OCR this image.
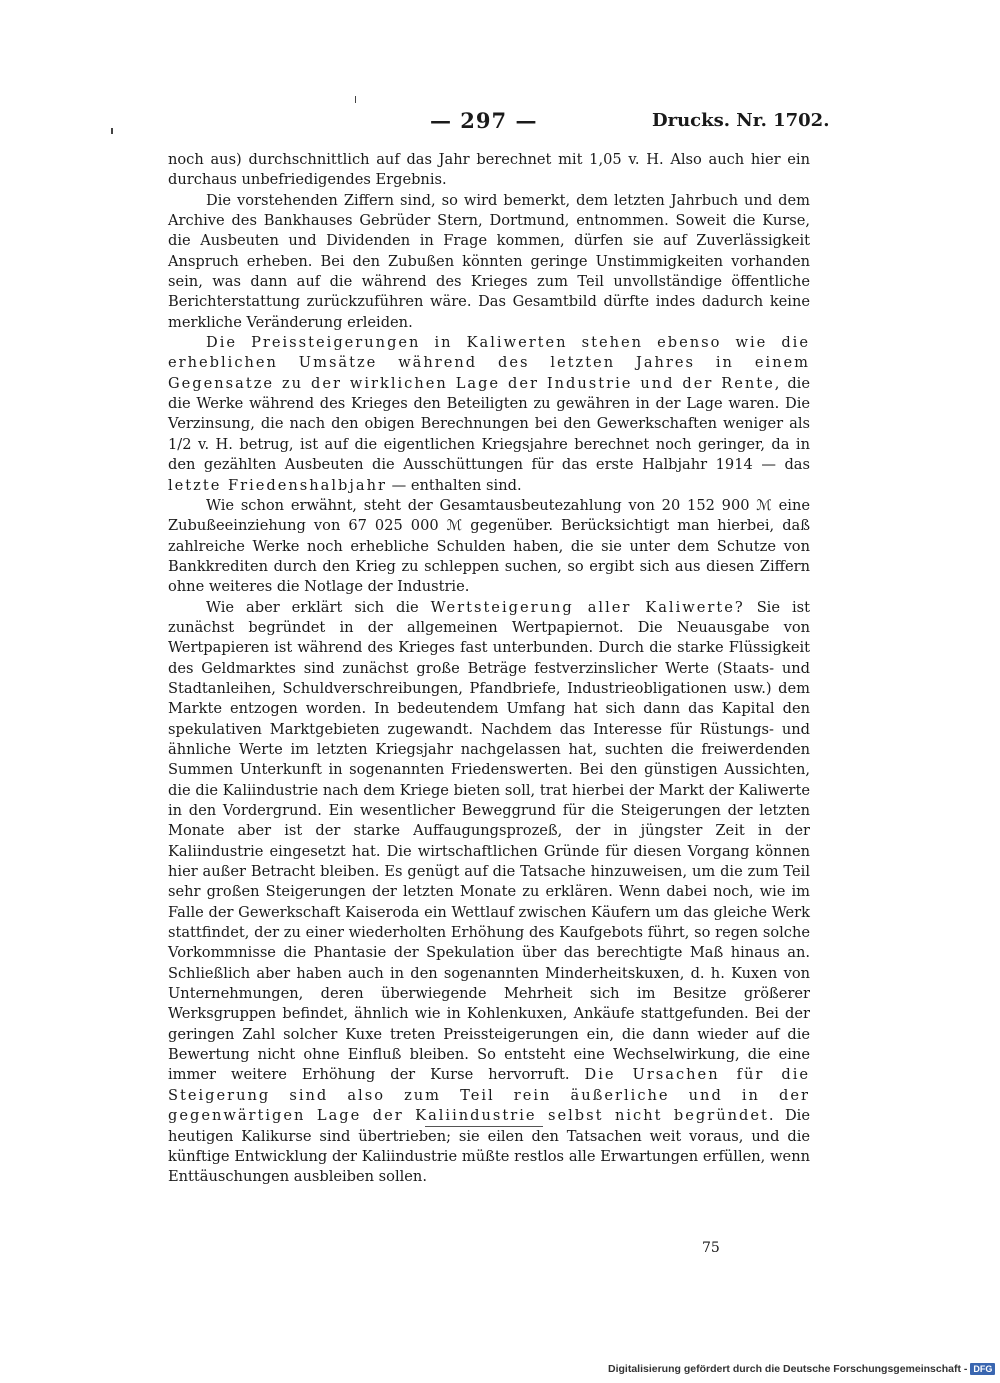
— 297 —	Drucks. Nr. 1702.

noch aus) durchschnittlich auf das Jahr berechnet mit 1,05 v. H. Also auch hier ein durchaus unbefriedigendes Ergebnis.

Die vorstehenden Ziffern sind, so wird bemerkt, dem letzten Jahrbuch und dem Archive des Bankhauses Gebrüder Stern, Dortmund, entnommen. Soweit die Kurse, die Ausbeuten und Dividenden in Frage kommen, dürfen sie auf Zuverlässigkeit Anspruch erheben. Bei den Zubußen könnten geringe Unstimmigkeiten vorhanden sein, was dann auf die während des Krieges zum Teil unvollständige öffentliche Berichterstattung zurückzuführen wäre. Das Gesamtbild dürfte indes dadurch keine merkliche Veränderung erleiden.

Die Preissteigerungen in Kaliwerten stehen ebenso wie die erheblichen Umsätze während des letzten Jahres in einem Gegensatze zu der wirklichen Lage der Industrie und der Rente, die die Werke während des Krieges den Beteiligten zu gewähren in der Lage waren. Die Verzinsung, die nach den obigen Berechnungen bei den Gewerkschaften weniger als 1/2 v. H. betrug, ist auf die eigentlichen Kriegsjahre berechnet noch geringer, da in den gezählten Ausbeuten die Ausschüttungen für das erste Halbjahr 1914 — das letzte Friedenshalbjahr — enthalten sind.

Wie schon erwähnt, steht der Gesamtausbeutezahlung von 20 152 900 ℳ eine Zubußeeinziehung von 67 025 000 ℳ gegenüber. Berücksichtigt man hierbei, daß zahlreiche Werke noch erhebliche Schulden haben, die sie unter dem Schutze von Bankkrediten durch den Krieg zu schleppen suchen, so ergibt sich aus diesen Ziffern ohne weiteres die Notlage der Industrie.

Wie aber erklärt sich die Wertsteigerung aller Kaliwerte? Sie ist zunächst begründet in der allgemeinen Wertpapiernot. Die Neuausgabe von Wertpapieren ist während des Krieges fast unterbunden. Durch die starke Flüssigkeit des Geldmarktes sind zunächst große Beträge festverzinslicher Werte (Staats- und Stadtanleihen, Schuldverschreibungen, Pfandbriefe, Industrieobligationen usw.) dem Markte entzogen worden. In bedeutendem Umfang hat sich dann das Kapital den spekulativen Marktgebieten zugewandt. Nachdem das Interesse für Rüstungs- und ähnliche Werte im letzten Kriegsjahr nachgelassen hat, suchten die freiwerdenden Summen Unterkunft in sogenannten Friedenswerten. Bei den günstigen Aussichten, die die Kaliindustrie nach dem Kriege bieten soll, trat hierbei der Markt der Kaliwerte in den Vordergrund. Ein wesentlicher Beweggrund für die Steigerungen der letzten Monate aber ist der starke Auffaugungsprozeß, der in jüngster Zeit in der Kaliindustrie eingesetzt hat. Die wirtschaftlichen Gründe für diesen Vorgang können hier außer Betracht bleiben. Es genügt auf die Tatsache hinzuweisen, um die zum Teil sehr großen Steigerungen der letzten Monate zu erklären. Wenn dabei noch, wie im Falle der Gewerkschaft Kaiseroda ein Wettlauf zwischen Käufern um das gleiche Werk stattfindet, der zu einer wiederholten Erhöhung des Kaufgebots führt, so regen solche Vorkommnisse die Phantasie der Spekulation über das berechtigte Maß hinaus an. Schließlich aber haben auch in den sogenannten Minderheitskuxen, d. h. Kuxen von Unternehmungen, deren überwiegende Mehrheit sich im Besitze größerer Werksgruppen befindet, ähnlich wie in Kohlenkuxen, Ankäufe stattgefunden. Bei der geringen Zahl solcher Kuxe treten Preissteigerungen ein, die dann wieder auf die Bewertung nicht ohne Einfluß bleiben. So entsteht eine Wechselwirkung, die eine immer weitere Erhöhung der Kurse hervorruft. Die Ursachen für die Steigerung sind also zum Teil rein äußerliche und in der gegenwärtigen Lage der Kaliindustrie selbst nicht begründet. Die heutigen Kalikurse sind übertrieben; sie eilen den Tatsachen weit voraus, und die künftige Entwicklung der Kaliindustrie müßte restlos alle Erwartungen erfüllen, wenn Enttäuschungen ausbleiben sollen.

75
Digitalisierung gefördert durch die Deutsche Forschungsgemeinschaft - DFG
